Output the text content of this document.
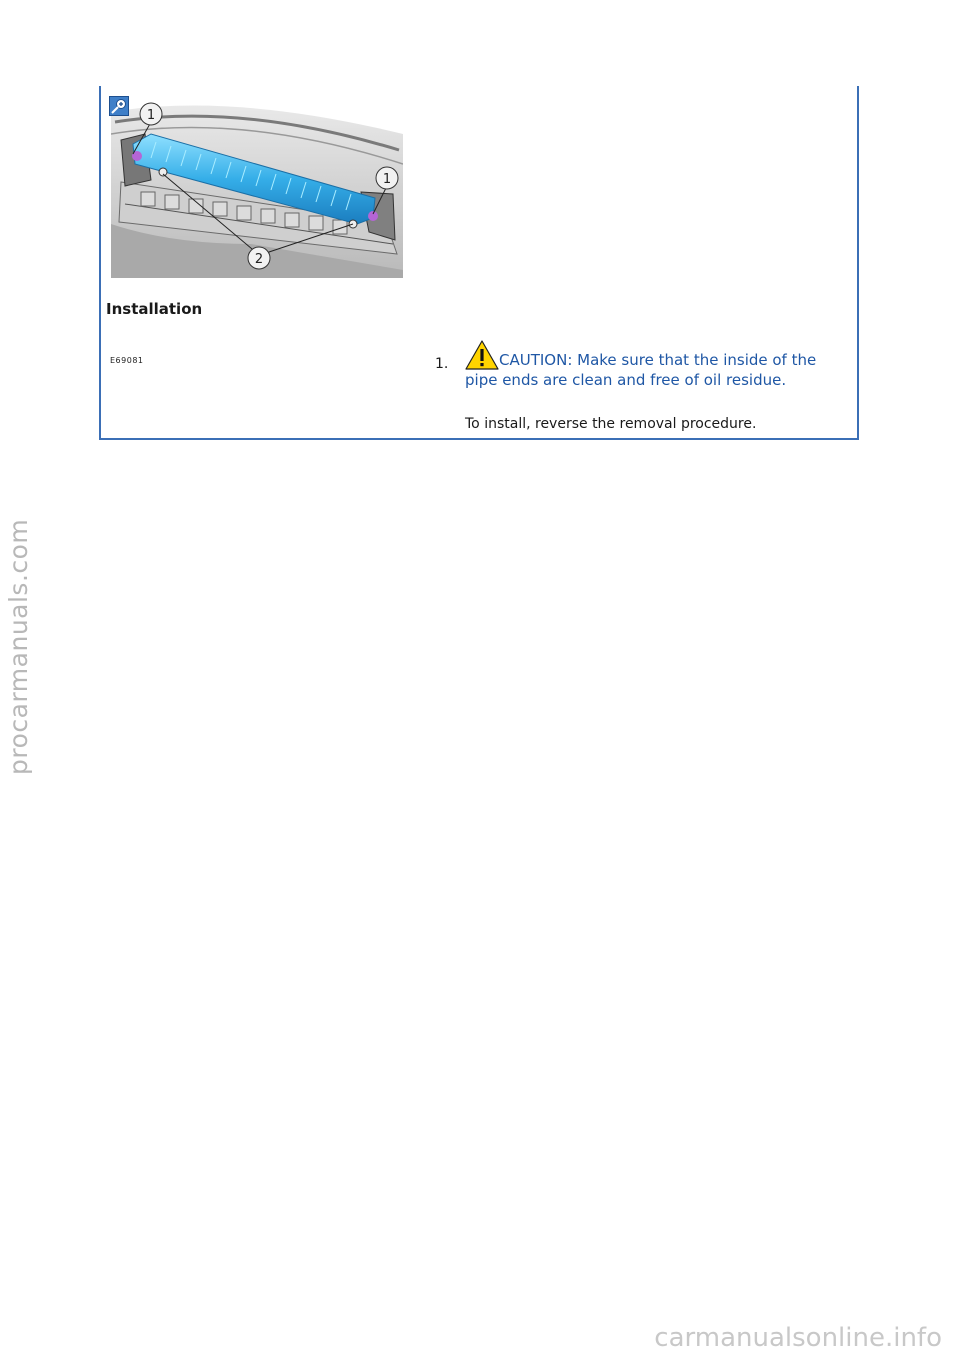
1
1
2
E69081
Installation
1.	CAUTION: Make sure that the inside of the pipe ends are clean and free of oil residue.
To install, reverse the removal procedure.
procarmanuals.com
carmanualsonline.info
